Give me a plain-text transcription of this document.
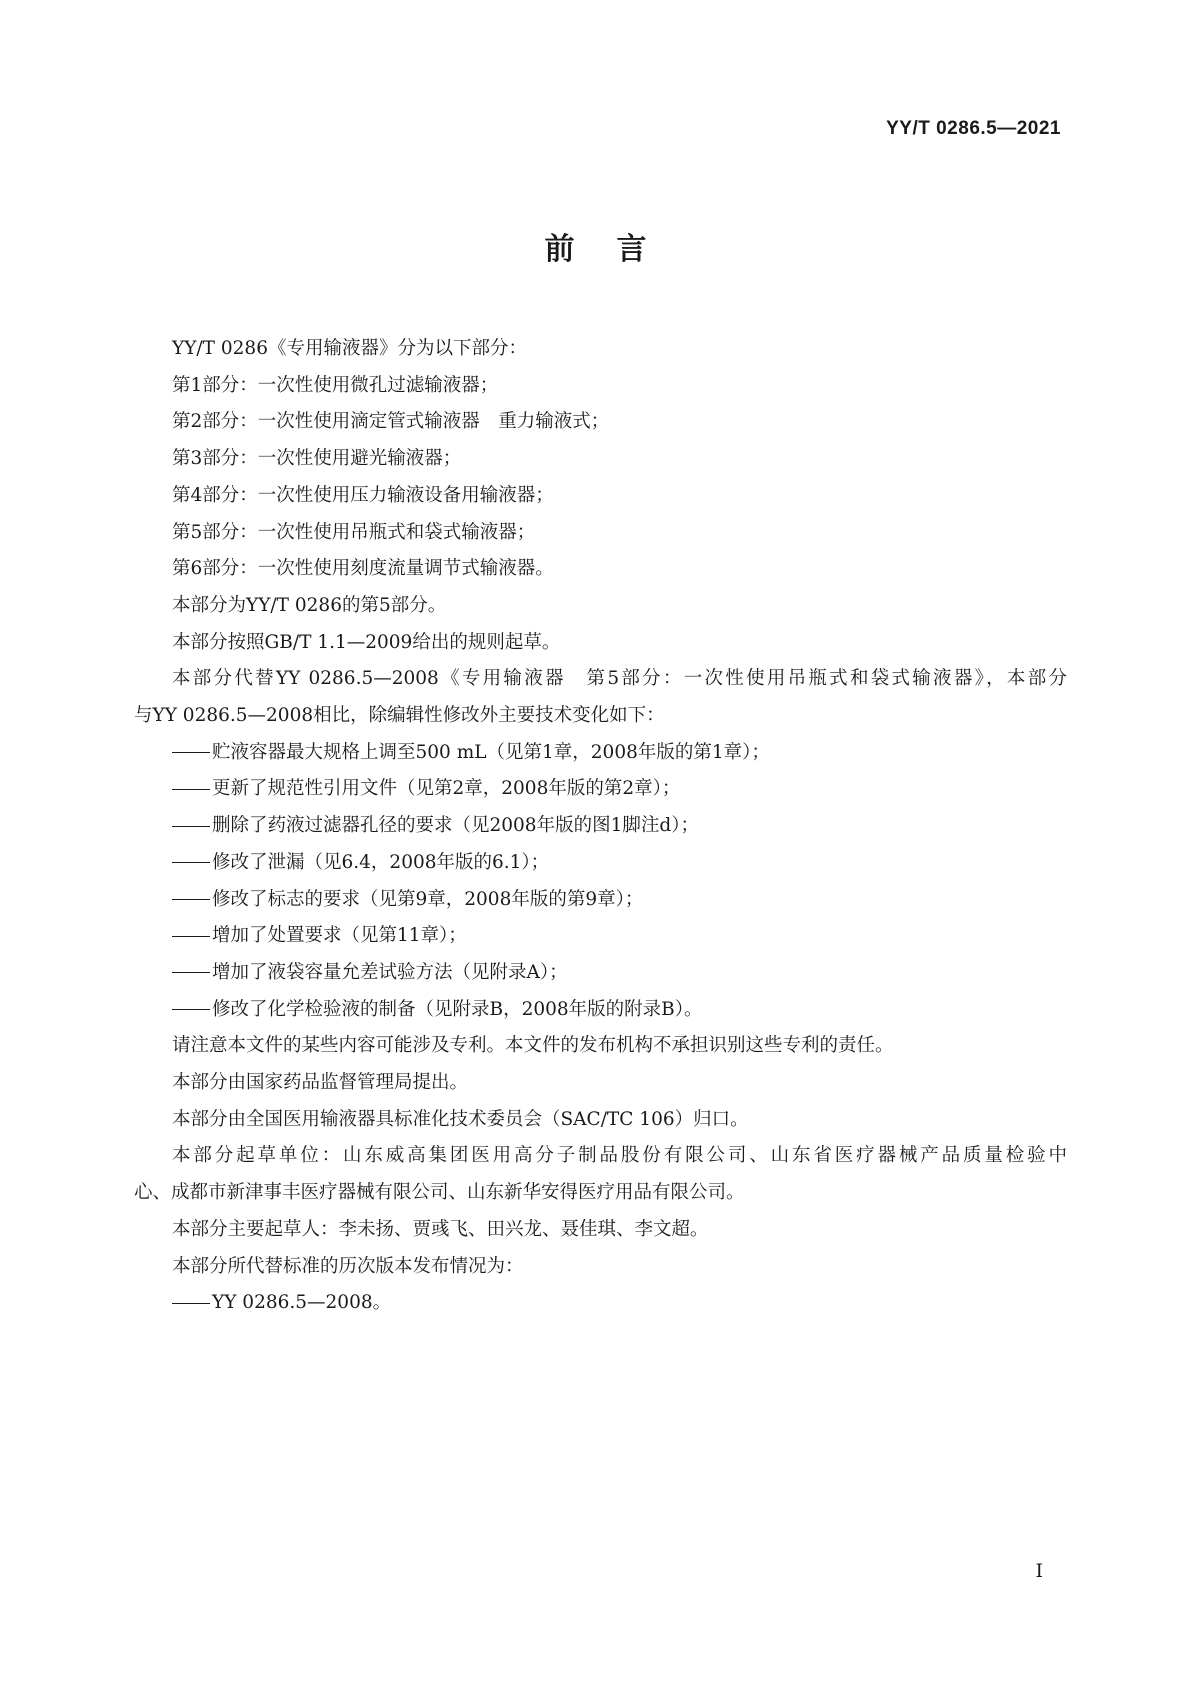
YY/T 0286.5—2021
前言

YY/T 0286《专用输液器》分为以下部分：

第1部分：一次性使用微孔过滤输液器；

第2部分：一次性使用滴定管式输液器　重力输液式；

第3部分：一次性使用避光输液器；

第4部分：一次性使用压力输液设备用输液器；

第5部分：一次性使用吊瓶式和袋式输液器；

第6部分：一次性使用刻度流量调节式输液器。

本部分为YY/T 0286的第5部分。

本部分按照GB/T 1.1—2009给出的规则起草。

本部分代替YY 0286.5—2008《专用输液器　第5部分：一次性使用吊瓶式和袋式输液器》，本部分
与YY 0286.5—2008相比，除编辑性修改外主要技术变化如下：

贮液容器最大规格上调至500 mL（见第1章，2008年版的第1章）；

更新了规范性引用文件（见第2章，2008年版的第2章）；

删除了药液过滤器孔径的要求（见2008年版的图1脚注d）；

修改了泄漏（见6.4，2008年版的6.1）；

修改了标志的要求（见第9章，2008年版的第9章）；

增加了处置要求（见第11章）；

增加了液袋容量允差试验方法（见附录A）；

修改了化学检验液的制备（见附录B，2008年版的附录B）。

请注意本文件的某些内容可能涉及专利。本文件的发布机构不承担识别这些专利的责任。

本部分由国家药品监督管理局提出。

本部分由全国医用输液器具标准化技术委员会（SAC/TC 106）归口。

本部分起草单位：山东威高集团医用高分子制品股份有限公司、山东省医疗器械产品质量检验中
心、成都市新津事丰医疗器械有限公司、山东新华安得医疗用品有限公司。

本部分主要起草人：李未扬、贾彧飞、田兴龙、聂佳琪、李文超。

本部分所代替标准的历次版本发布情况为：

YY 0286.5—2008。

I
